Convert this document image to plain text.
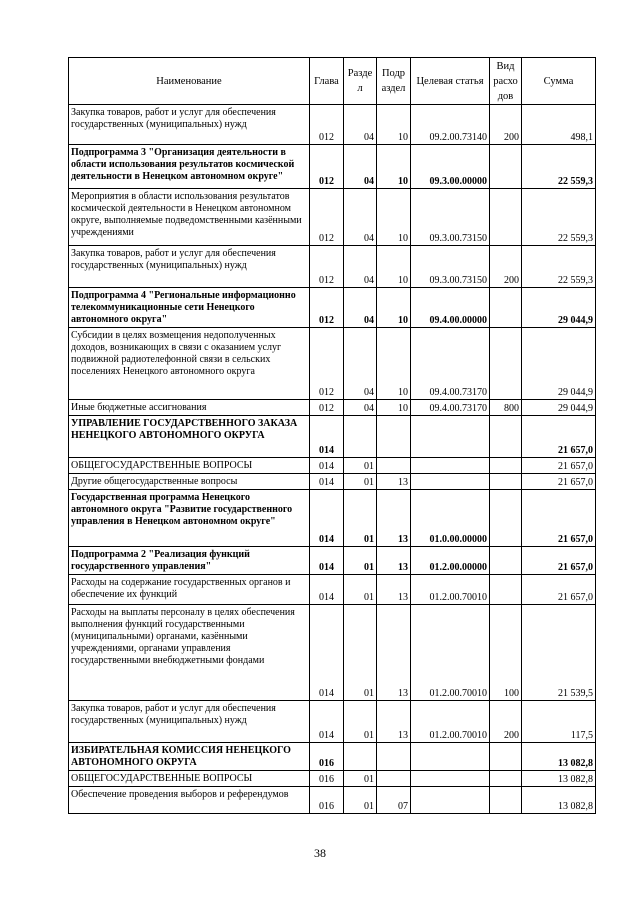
Наименование	Глава	Разде л	Подр аздел	Целевая статья	Вид расхо дов	Сумма
Закупка товаров, работ и услуг для обеспечения государственных (муниципальных) нужд	012	04	10	09.2.00.73140	200	498,1
Подпрограмма 3 "Организация деятельности в области использования результатов космической деятельности в Ненецком автономном округе"	012	04	10	09.3.00.00000		22 559,3
Мероприятия в области использования результатов космической деятельности в Ненецком автономном округе, выполняемые подведомственными казёнными учреждениями	012	04	10	09.3.00.73150		22 559,3
Закупка товаров, работ и услуг для обеспечения государственных (муниципальных) нужд	012	04	10	09.3.00.73150	200	22 559,3
Подпрограмма 4 "Региональные информационно телекоммуникационные сети Ненецкого автономного округа"	012	04	10	09.4.00.00000		29 044,9
Субсидии в целях возмещения недополученных доходов, возникающих в связи с оказанием услуг подвижной радиотелефонной связи в сельских поселениях Ненецкого автономного округа	012	04	10	09.4.00.73170		29 044,9
Иные бюджетные ассигнования	012	04	10	09.4.00.73170	800	29 044,9
УПРАВЛЕНИЕ ГОСУДАРСТВЕННОГО ЗАКАЗА НЕНЕЦКОГО АВТОНОМНОГО ОКРУГА	014					21 657,0
ОБЩЕГОСУДАРСТВЕННЫЕ ВОПРОСЫ	014	01				21 657,0
Другие общегосударственные вопросы	014	01	13			21 657,0
Государственная программа Ненецкого автономного округа "Развитие государственного управления в Ненецком автономном округе"	014	01	13	01.0.00.00000		21 657,0
Подпрограмма 2 "Реализация функций государственного управления"	014	01	13	01.2.00.00000		21 657,0
Расходы на содержание государственных органов и обеспечение их функций	014	01	13	01.2.00.70010		21 657,0
Расходы на выплаты персоналу в целях обеспечения выполнения функций государственными (муниципальными) органами, казёнными учреждениями, органами управления государственными внебюджетными фондами	014	01	13	01.2.00.70010	100	21 539,5
Закупка товаров, работ и услуг для обеспечения государственных (муниципальных) нужд	014	01	13	01.2.00.70010	200	117,5
ИЗБИРАТЕЛЬНАЯ КОМИССИЯ НЕНЕЦКОГО АВТОНОМНОГО ОКРУГА	016					13 082,8
ОБЩЕГОСУДАРСТВЕННЫЕ ВОПРОСЫ	016	01				13 082,8
Обеспечение проведения выборов и референдумов	016	01	07			13 082,8
38
